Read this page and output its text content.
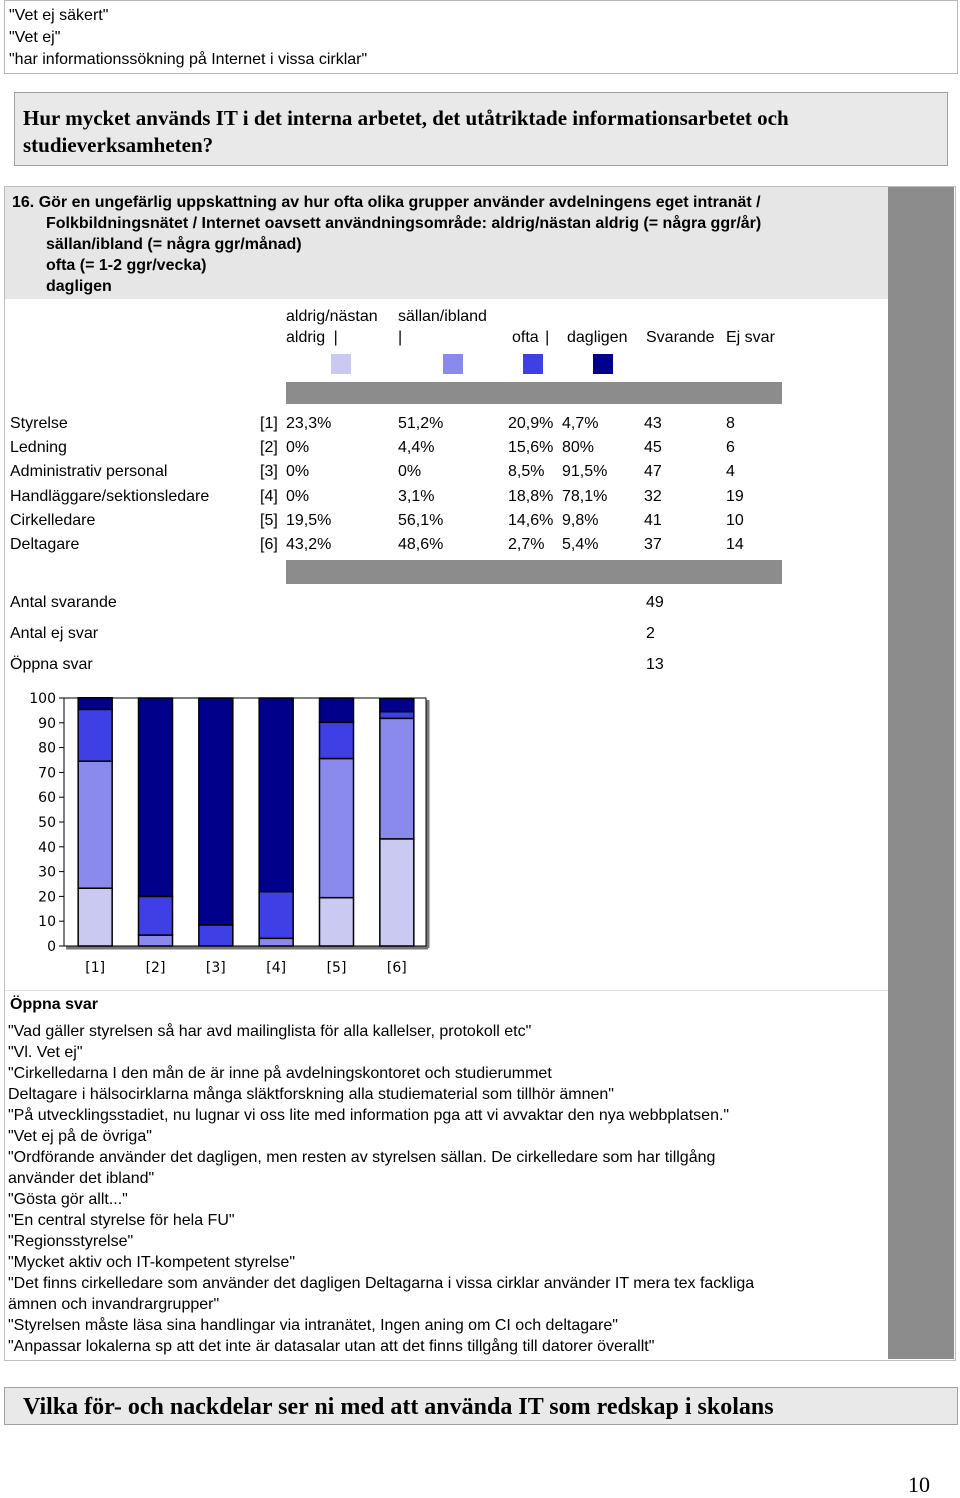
"Vet ej säkert"
"Vet ej"
"har informationssökning på Internet i vissa cirklar"
Hur mycket används IT i det interna arbetet, det utåtriktade informationsarbetet och studieverksamheten?
16. Gör en ungefärlig uppskattning av hur ofta olika grupper använder avdelningens eget intranät /
Folkbildningsnätet / Internet oavsett användningsområde: aldrig/nästan aldrig (= några ggr/år)
sällan/ibland (= några ggr/månad)
ofta (= 1-2 ggr/vecka)
dagligen
aldrig/nästan
aldrig |
sällan/ibland
|	ofta | dagligen Svarande Ej svar
Styrelse	[1] 23,3%	51,2%	20,9% 4,7%	43	8
Ledning	[2] 0%	4,4%	15,6% 80%	45	6
Administrativ personal	[3] 0%	0%	8,5% 91,5% 47	4
Handläggare/sektionsledare	[4] 0%	3,1%	18,8% 78,1% 32	19
Cirkelledare	[5] 19,5%	56,1%	14,6% 9,8%	41	10
Deltagare	[6] 43,2%	48,6%	2,7% 5,4%	37	14
Antal svarande	49
Antal ej svar	2
Öppna svar	13
0
10
20
30
40
50
60
70
80
90
100
[1]	[2]	[3]	[4]	[5]	[6]
Öppna svar
"Vad gäller styrelsen så har avd mailinglista för alla kallelser, protokoll etc"
"Vl. Vet ej"
"Cirkelledarna I den mån de är inne på avdelningskontoret och studierummet
Deltagare i hälsocirklarna många släktforskning alla studiematerial som tillhör ämnen"
"På utvecklingsstadiet, nu lugnar vi oss lite med information pga att vi avvaktar den nya webbplatsen."
"Vet ej på de övriga"
"Ordförande använder det dagligen, men resten av styrelsen sällan. De cirkelledare som har tillgång
använder det ibland"
"Gösta gör allt..."
"En central styrelse för hela FU"
"Regionsstyrelse"
"Mycket aktiv och IT-kompetent styrelse"
"Det finns cirkelledare som använder det dagligen Deltagarna i vissa cirklar använder IT mera tex fackliga
ämnen och invandrargrupper"
"Styrelsen måste läsa sina handlingar via intranätet, Ingen aning om CI och deltagare"
"Anpassar lokalerna sp att det inte är datasalar utan att det finns tillgång till datorer överallt"
Vilka för- och nackdelar ser ni med att använda IT som redskap i skolans
10
